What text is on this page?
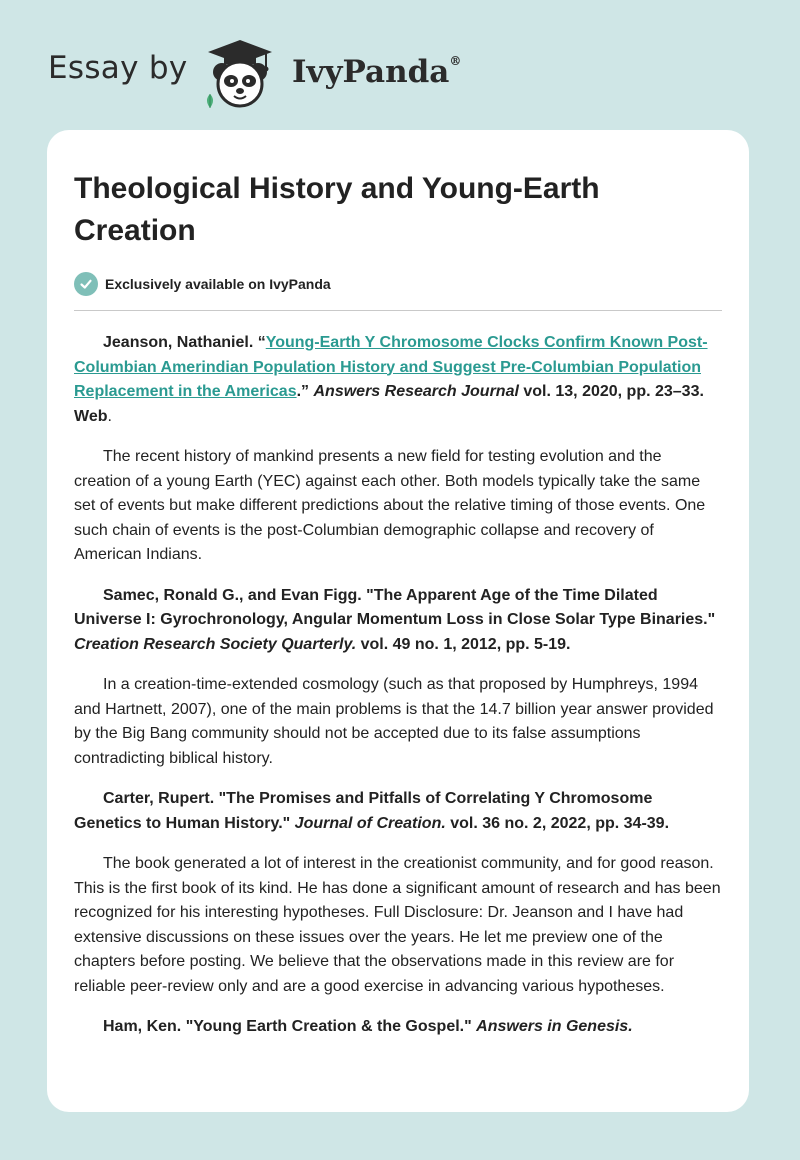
Essay by	IvyPanda®
Theological History and Young-Earth Creation
Exclusively available on IvyPanda

Jeanson, Nathaniel. “Young-Earth Y Chromosome Clocks Confirm Known Post-Columbian Amerindian Population History and Suggest Pre-Columbian Population Replacement in the Americas.” Answers Research Journal vol. 13, 2020, pp. 23–33. Web.

The recent history of mankind presents a new field for testing evolution and the creation of a young Earth (YEC) against each other. Both models typically take the same set of events but make different predictions about the relative timing of those events. One such chain of events is the post-Columbian demographic collapse and recovery of American Indians.

Samec, Ronald G., and Evan Figg. "The Apparent Age of the Time Dilated Universe I: Gyrochronology, Angular Momentum Loss in Close Solar Type Binaries." Creation Research Society Quarterly. vol. 49 no. 1, 2012, pp. 5-19.

In a creation-time-extended cosmology (such as that proposed by Humphreys, 1994 and Hartnett, 2007), one of the main problems is that the 14.7 billion year answer provided by the Big Bang community should not be accepted due to its false assumptions contradicting biblical history.

Carter, Rupert. "The Promises and Pitfalls of Correlating Y Chromosome Genetics to Human History." Journal of Creation. vol. 36 no. 2, 2022, pp. 34-39.

The book generated a lot of interest in the creationist community, and for good reason. This is the first book of its kind. He has done a significant amount of research and has been recognized for his interesting hypotheses. Full Disclosure: Dr. Jeanson and I have had extensive discussions on these issues over the years. He let me preview one of the chapters before posting. We believe that the observations made in this review are for reliable peer-review only and are a good exercise in advancing various hypotheses.

Ham, Ken. "Young Earth Creation & the Gospel." Answers in Genesis.
